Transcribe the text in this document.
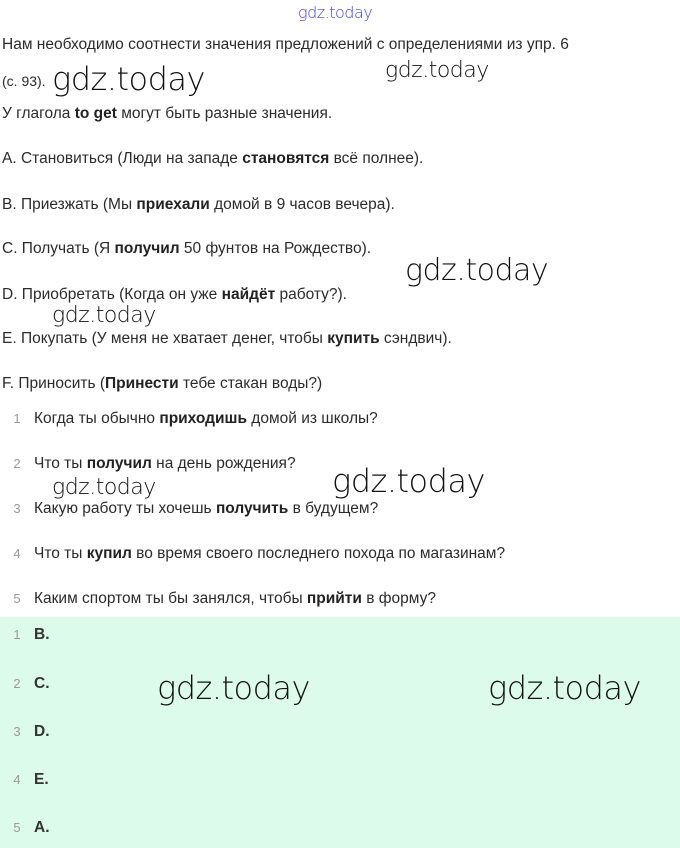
gdz.today
Нам необходимо соотнести значения предложений с определениями из упр. 6
(с. 93).
У глагола to get могут быть разные значения.
A. Становиться (Люди на западе становятся всё полнее).
B. Приезжать (Мы приехали домой в 9 часов вечера).
C. Получать (Я получил 50 фунтов на Рождество).
D. Приобретать (Когда он уже найдёт работу?).
E. Покупать (У меня не хватает денег, чтобы купить сэндвич).
F. Приносить (Принести тебе стакан воды?)
1 Когда ты обычно приходишь домой из школы?
2 Что ты получил на день рождения?
3 Какую работу ты хочешь получить в будущем?
4 Что ты купил во время своего последнего похода по магазинам?
5 Каким спортом ты бы занялся, чтобы прийти в форму?
1 B.
2 C.
3 D.
4 E.
5 A.
gdz.today	gdz.today
gdz.today
gdz.today
gdz.today	gdz.today
gdz.today	gdz.today
